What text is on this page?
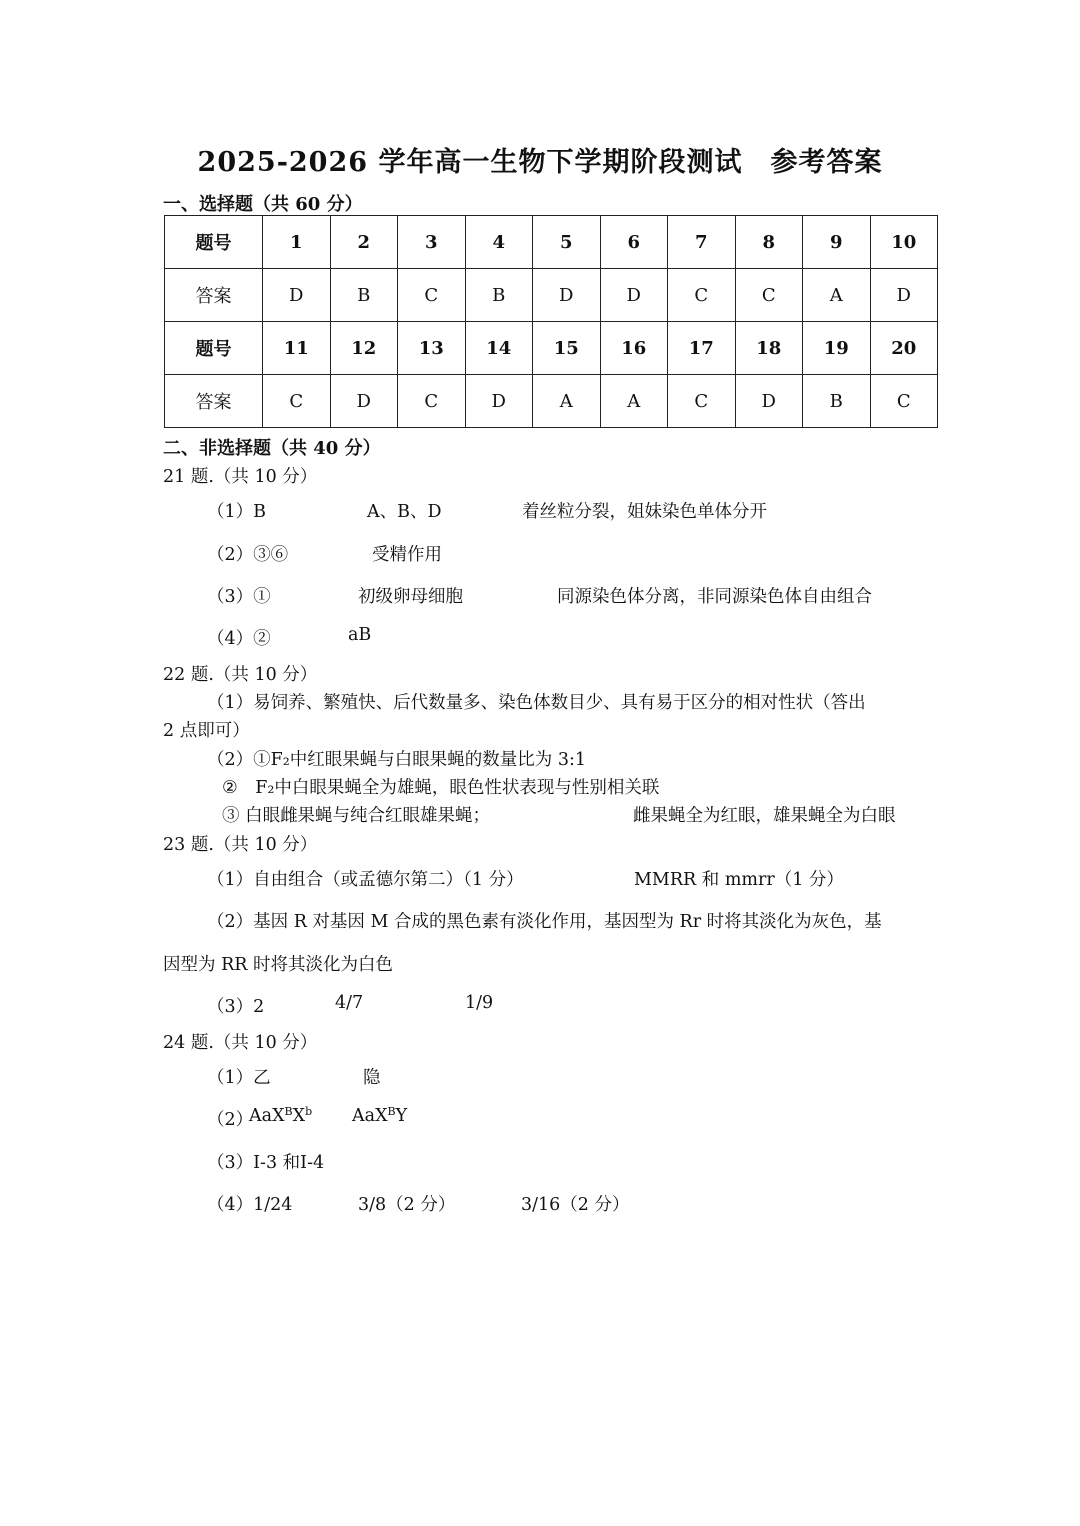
2025-2026 学年高一生物下学期阶段测试　参考答案
一、选择题（共 60 分）
题号	1	2	3	4	5	6	7	8	9	10
答案	D	B	C	B	D	D	C	C	A	D
题号	11	12	13	14	15	16	17	18	19	20
答案	C	D	C	D	A	A	C	D	B	C
二、非选择题（共 40 分）
21 题.（共 10 分）
（1）B	A、B、D	着丝粒分裂，姐妹染色单体分开
（2）③⑥	受精作用
（3）①	初级卵母细胞	同源染色体分离，非同源染色体自由组合
（4）②	aB
22 题.（共 10 分）
（1）易饲养、繁殖快、后代数量多、染色体数目少、具有易于区分的相对性状（答出
2 点即可）
（2）①F₂中红眼果蝇与白眼果蝇的数量比为 3:1
②　F₂中白眼果蝇全为雄蝇，眼色性状表现与性别相关联
③ 白眼雌果蝇与纯合红眼雄果蝇；	雌果蝇全为红眼，雄果蝇全为白眼
23 题.（共 10 分）
（1）自由组合（或孟德尔第二）（1 分）	MMRR 和 mmrr（1 分）
（2）基因 R 对基因 M 合成的黑色素有淡化作用，基因型为 Rr 时将其淡化为灰色，基
因型为 RR 时将其淡化为白色
（3）2	4/7	1/9
24 题.（共 10 分）
（1）乙	隐
（2）
$AaX^BX^b$ AaX$^B$Y
（3）I-3 和I-4
（4）1/24	3/8（2 分）	3/16（2 分）
